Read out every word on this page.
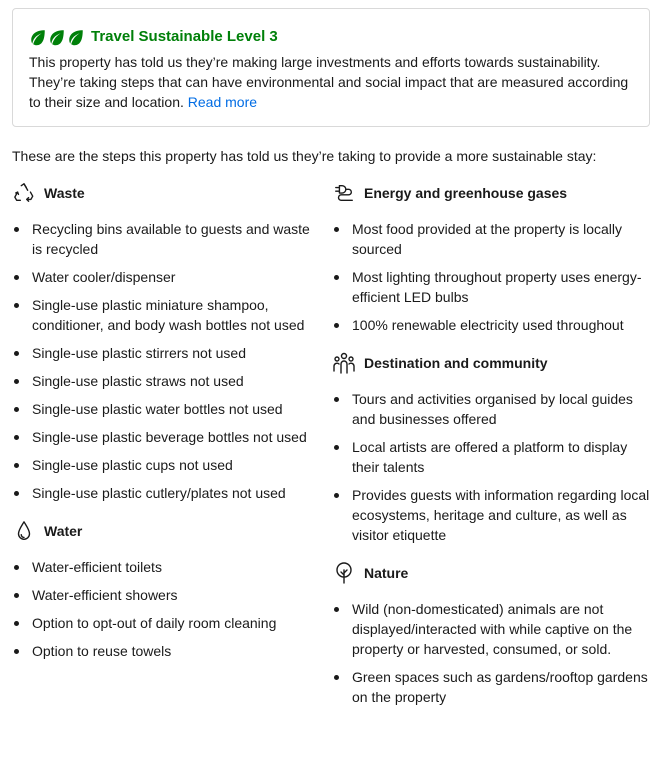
Travel Sustainable Level 3
This property has told us they’re making large investments and efforts towards sustainability. They’re taking steps that can have environmental and social impact that are measured according to their size and location. Read more
These are the steps this property has told us they’re taking to provide a more sustainable stay:
Waste
Recycling bins available to guests and waste is recycled
Water cooler/dispenser
Single-use plastic miniature shampoo, conditioner, and body wash bottles not used
Single-use plastic stirrers not used
Single-use plastic straws not used
Single-use plastic water bottles not used
Single-use plastic beverage bottles not used
Single-use plastic cups not used
Single-use plastic cutlery/plates not used
Water
Water-efficient toilets
Water-efficient showers
Option to opt-out of daily room cleaning
Option to reuse towels
Energy and greenhouse gases
Most food provided at the property is locally sourced
Most lighting throughout property uses energy-efficient LED bulbs
100% renewable electricity used throughout
Destination and community
Tours and activities organised by local guides and businesses offered
Local artists are offered a platform to display their talents
Provides guests with information regarding local ecosystems, heritage and culture, as well as visitor etiquette
Nature
Wild (non-domesticated) animals are not displayed/interacted with while captive on the property or harvested, consumed, or sold.
Green spaces such as gardens/rooftop gardens on the property
